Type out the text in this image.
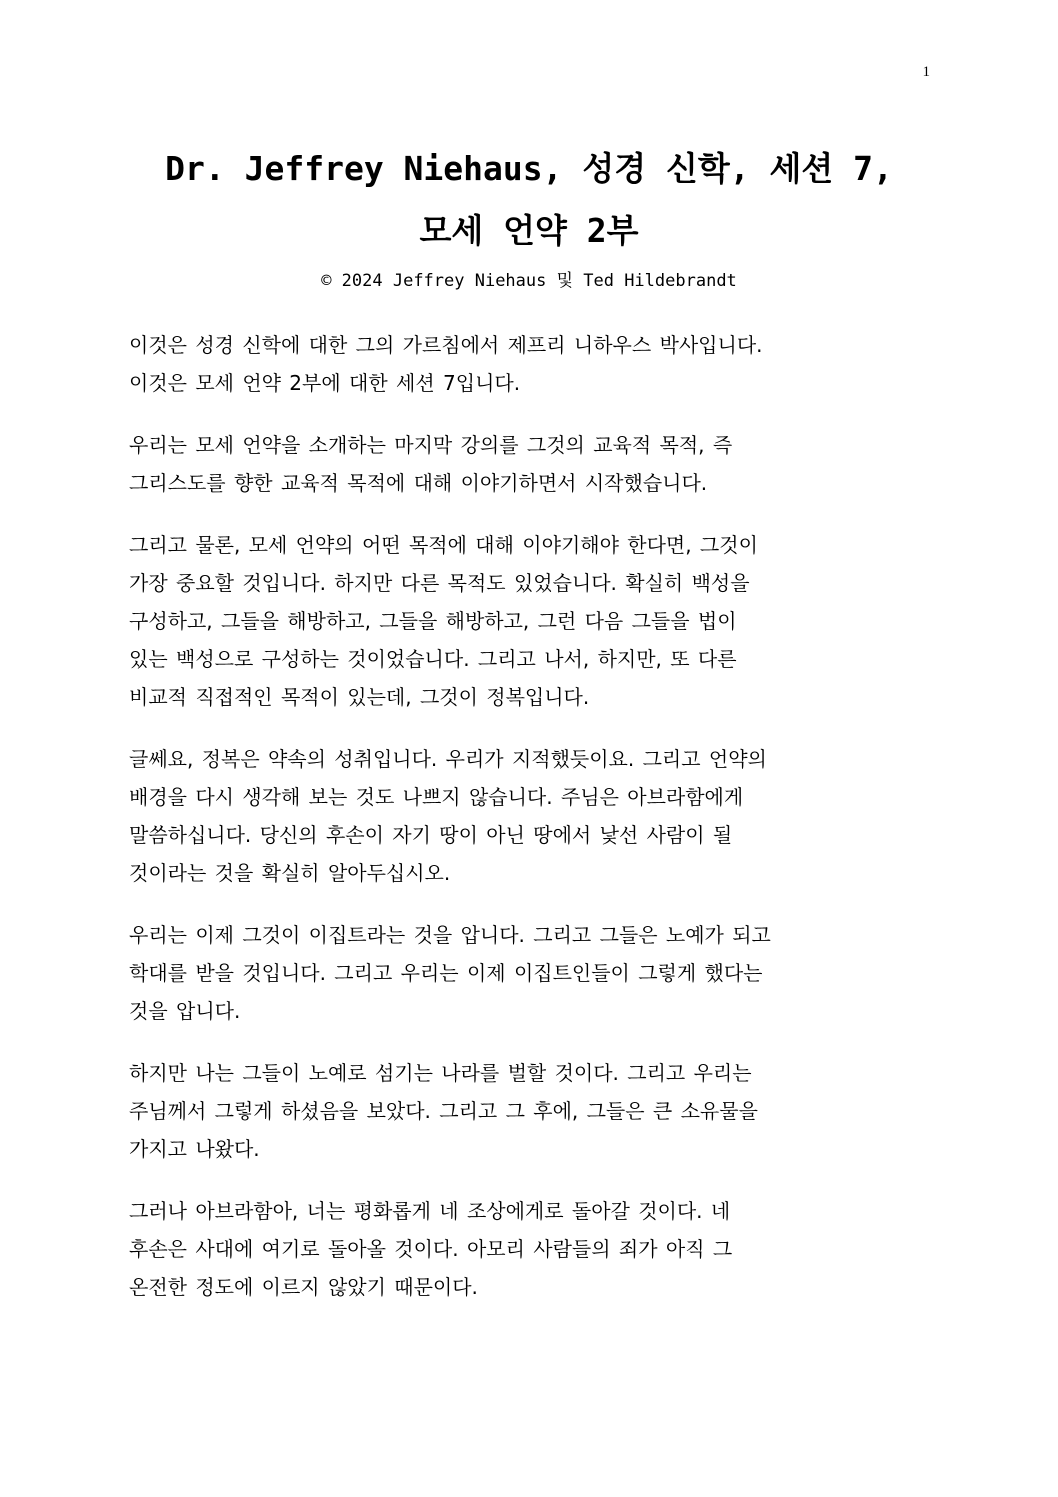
1
Dr. Jeffrey Niehaus, 성경 신학, 세션 7,
모세 언약 2부
© 2024 Jeffrey Niehaus 및 Ted Hildebrandt

이것은 성경 신학에 대한 그의 가르침에서 제프리 니하우스 박사입니다.
이것은 모세 언약 2부에 대한 세션 7입니다.

우리는 모세 언약을 소개하는 마지막 강의를 그것의 교육적 목적, 즉
그리스도를 향한 교육적 목적에 대해 이야기하면서 시작했습니다.

그리고 물론, 모세 언약의 어떤 목적에 대해 이야기해야 한다면, 그것이
가장 중요할 것입니다. 하지만 다른 목적도 있었습니다. 확실히 백성을
구성하고, 그들을 해방하고, 그들을 해방하고, 그런 다음 그들을 법이
있는 백성으로 구성하는 것이었습니다. 그리고 나서, 하지만, 또 다른
비교적 직접적인 목적이 있는데, 그것이 정복입니다.

글쎄요, 정복은 약속의 성취입니다. 우리가 지적했듯이요. 그리고 언약의
배경을 다시 생각해 보는 것도 나쁘지 않습니다. 주님은 아브라함에게
말씀하십니다. 당신의 후손이 자기 땅이 아닌 땅에서 낯선 사람이 될
것이라는 것을 확실히 알아두십시오.

우리는 이제 그것이 이집트라는 것을 압니다. 그리고 그들은 노예가 되고
학대를 받을 것입니다. 그리고 우리는 이제 이집트인들이 그렇게 했다는
것을 압니다.

하지만 나는 그들이 노예로 섬기는 나라를 벌할 것이다. 그리고 우리는
주님께서 그렇게 하셨음을 보았다. 그리고 그 후에, 그들은 큰 소유물을
가지고 나왔다.

그러나 아브라함아, 너는 평화롭게 네 조상에게로 돌아갈 것이다. 네
후손은 사대에 여기로 돌아올 것이다. 아모리 사람들의 죄가 아직 그
온전한 정도에 이르지 않았기 때문이다.
